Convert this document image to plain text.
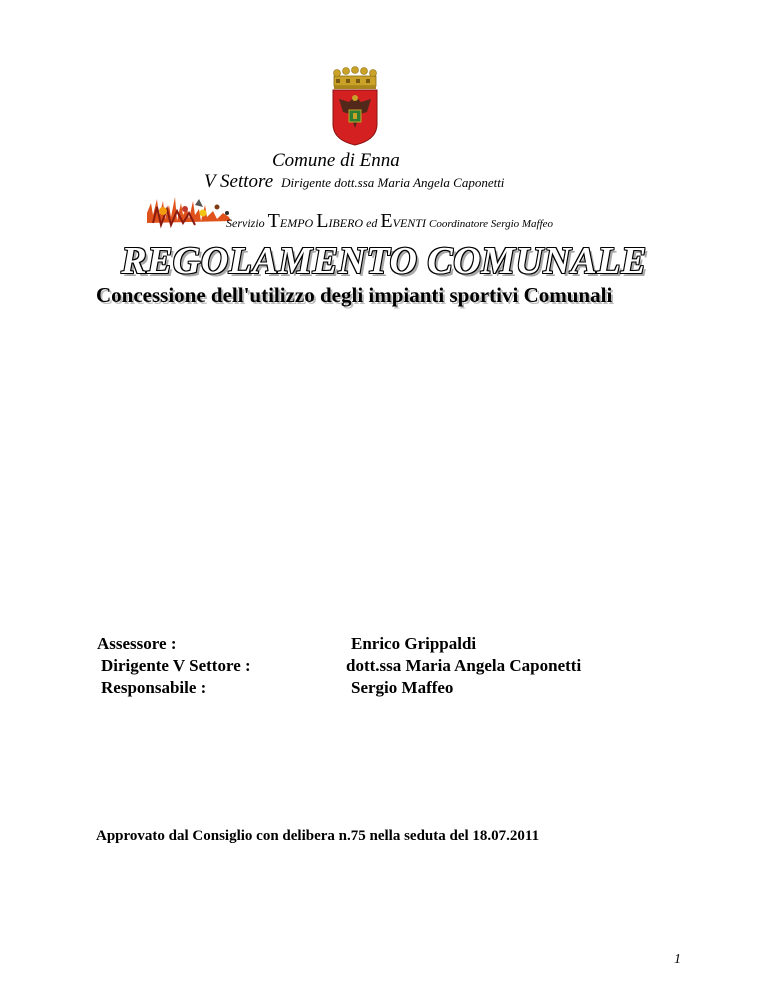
Comune di Enna
V Settore Dirigente dott.ssa Maria Angela Caponetti
Servizio TEMPO LIBERO ed EVENTI Coordinatore Sergio Maffeo
REGOLAMENTO COMUNALE
Concessione dell'utilizzo degli impianti sportivi Comunali
Assessore :
Dirigente V Settore :
Responsabile :
Enrico Grippaldi
dott.ssa Maria Angela Caponetti
Sergio Maffeo
Approvato dal Consiglio con delibera n.75 nella seduta del 18.07.2011
1
